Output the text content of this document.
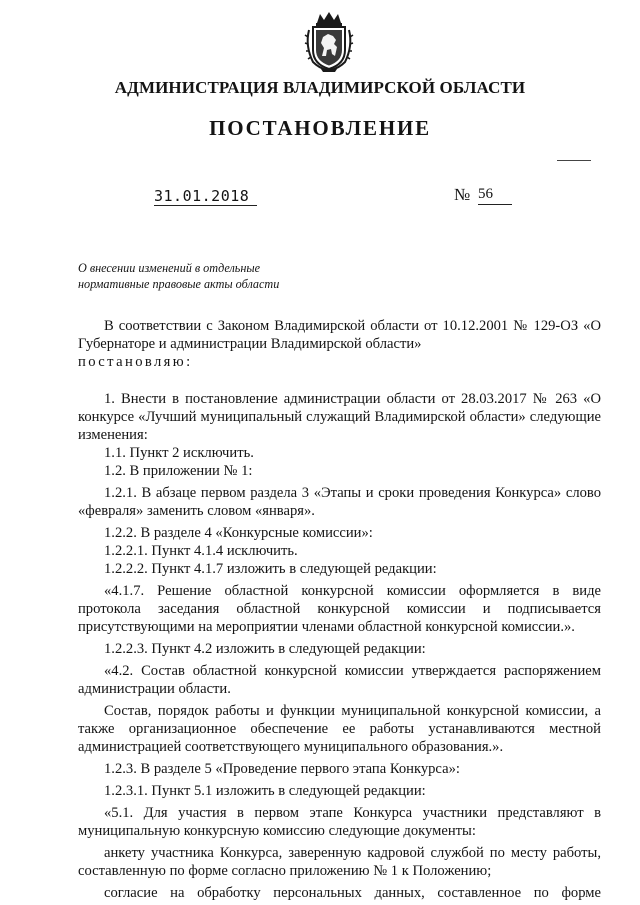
АДМИНИСТРАЦИЯ ВЛАДИМИРСКОЙ ОБЛАСТИ
ПОСТАНОВЛЕНИЕ
31.01.2018	№ 56
О внесении изменений в отдельные
нормативные правовые акты области

В соответствии с Законом Владимирской области от 10.12.2001 № 129-ОЗ «О Губернаторе и администрации Владимирской области»
постановляю:

1. Внести в постановление администрации области от 28.03.2017 № 263 «О конкурсе «Лучший муниципальный служащий Владимирской области» следующие изменения:

1.1. Пункт 2 исключить.

1.2. В приложении № 1:

1.2.1. В абзаце первом раздела 3 «Этапы и сроки проведения Конкурса» слово «февраля» заменить словом «января».

1.2.2. В разделе 4 «Конкурсные комиссии»:

1.2.2.1. Пункт 4.1.4 исключить.

1.2.2.2. Пункт 4.1.7 изложить в следующей редакции:

«4.1.7. Решение областной конкурсной комиссии оформляется в виде протокола заседания областной конкурсной комиссии и подписывается присутствующими на мероприятии членами областной конкурсной комиссии.».

1.2.2.3. Пункт 4.2 изложить в следующей редакции:

«4.2. Состав областной конкурсной комиссии утверждается распоряжением администрации области.

Состав, порядок работы и функции муниципальной конкурсной комиссии, а также организационное обеспечение ее работы устанавливаются местной администрацией соответствующего муниципального образования.».

1.2.3. В разделе 5 «Проведение первого этапа Конкурса»:

1.2.3.1. Пункт 5.1 изложить в следующей редакции:

«5.1. Для участия в первом этапе Конкурса участники представляют в муниципальную конкурсную комиссию следующие документы:

анкету участника Конкурса, заверенную кадровой службой по месту работы, составленную по форме согласно приложению № 1 к Положению;

согласие на обработку персональных данных, составленное по форме
